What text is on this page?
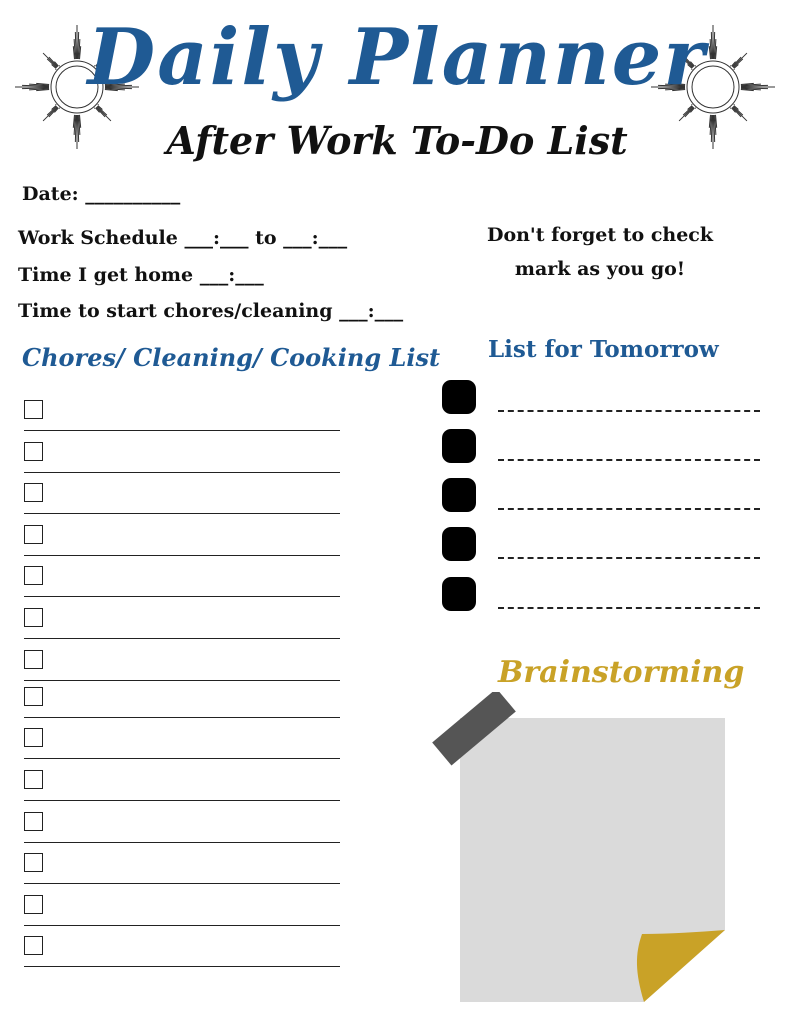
Daily Planner
After Work To-Do List
Date: __________
Work Schedule ___:___ to ___:___
Time I get home ___:___
Time to start chores/cleaning ___:___
Don't forget to check
mark as you go!
Chores/ Cleaning/ Cooking List List for Tomorrow
Brainstorming
